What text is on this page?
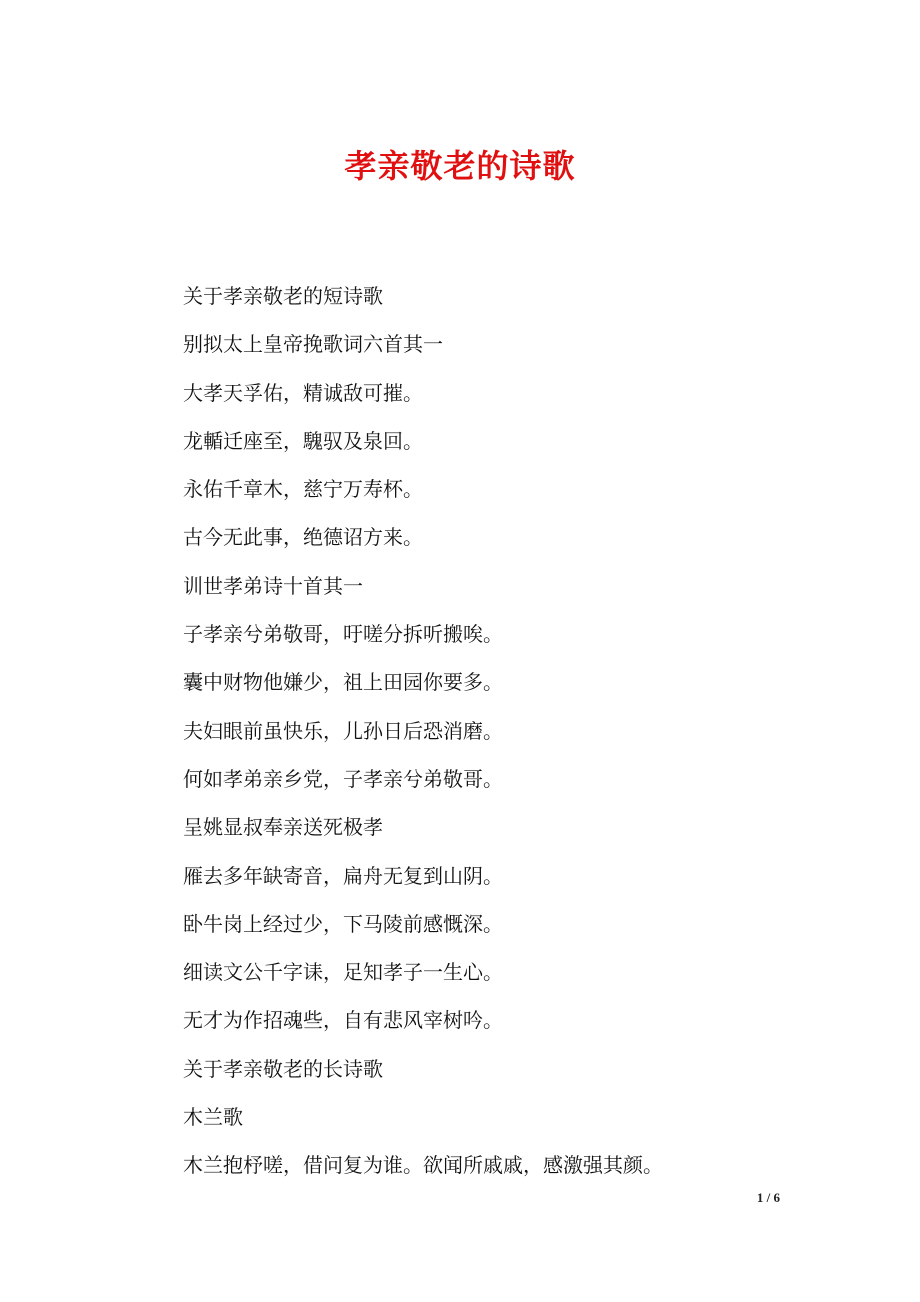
孝亲敬老的诗歌
关于孝亲敬老的短诗歌
别拟太上皇帝挽歌词六首其一
大孝天孚佑，精诚敌可摧。
龙輴迁座至，騩驭及泉回。
永佑千章木，慈宁万寿杯。
古今无此事，绝德诏方来。
训世孝弟诗十首其一
子孝亲兮弟敬哥，吁嗟分拆听搬唉。
囊中财物他嫌少，祖上田园你要多。
夫妇眼前虽快乐，儿孙日后恐消磨。
何如孝弟亲乡党，子孝亲兮弟敬哥。
呈姚显叔奉亲送死极孝
雁去多年缺寄音，扁舟无复到山阴。
卧牛岗上经过少，下马陵前感慨深。
细读文公千字诔，足知孝子一生心。
无才为作招魂些，自有悲风宰树吟。
关于孝亲敬老的长诗歌
木兰歌
木兰抱杼嗟，借问复为谁。欲闻所戚戚，感激强其颜。
1 / 6
